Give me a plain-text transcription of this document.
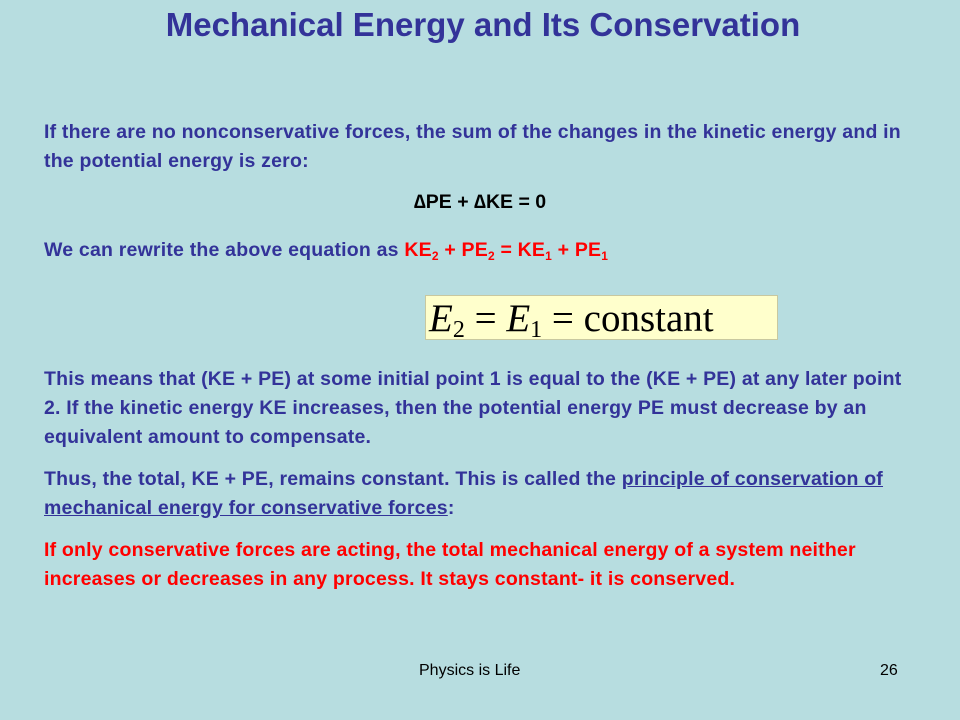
Mechanical Energy and Its Conservation
If there are no nonconservative forces, the sum of the changes in the kinetic energy and in the potential energy is zero:
∆PE + ∆KE = 0
We can rewrite the above equation as $KE_2 + PE_2 = KE_1 + PE_1$
$E_2 = E_1$ = constant
This means that (KE + PE) at some initial point 1 is equal to the (KE + PE) at any later point 2. If the kinetic energy KE increases, then the potential energy PE must decrease by an equivalent amount to compensate.
Thus, the total, KE + PE, remains constant. This is called the principle of conservation of mechanical energy for conservative forces:
If only conservative forces are acting, the total mechanical energy of a system neither increases or decreases in any process. It stays constant- it is conserved.
Physics is Life	26
